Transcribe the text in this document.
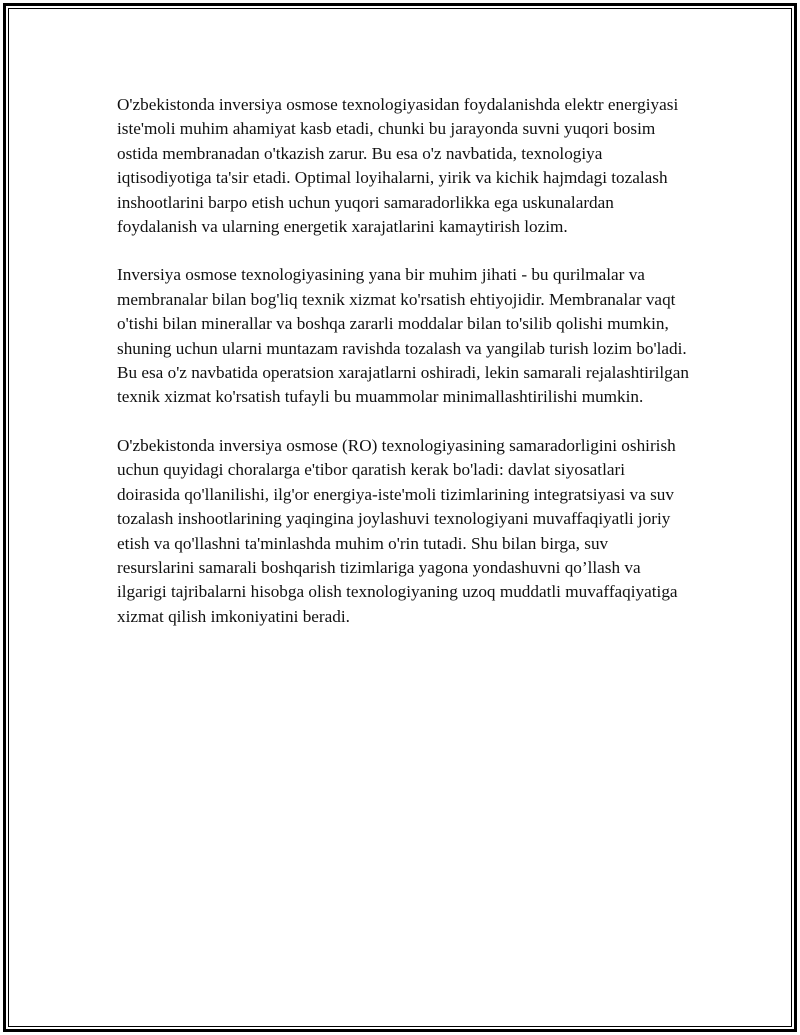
O'zbekistonda inversiya osmose texnologiyasidan foydalanishda elektr energiyasi iste'moli muhim ahamiyat kasb etadi, chunki bu jarayonda suvni yuqori bosim ostida membranadan o'tkazish zarur. Bu esa o'z navbatida, texnologiya iqtisodiyotiga ta'sir etadi. Optimal loyihalarni, yirik va kichik hajmdagi tozalash inshootlarini barpo etish uchun yuqori samaradorlikka ega uskunalardan foydalanish va ularning energetik xarajatlarini kamaytirish lozim.

Inversiya osmose texnologiyasining yana bir muhim jihati - bu qurilmalar va membranalar bilan bog'liq texnik xizmat ko'rsatish ehtiyojidir. Membranalar vaqt o'tishi bilan minerallar va boshqa zararli moddalar bilan to'silib qolishi mumkin, shuning uchun ularni muntazam ravishda tozalash va yangilab turish lozim bo'ladi. Bu esa o'z navbatida operatsion xarajatlarni oshiradi, lekin samarali rejalashtirilgan texnik xizmat ko'rsatish tufayli bu muammolar minimallashtirilishi mumkin.

O'zbekistonda inversiya osmose (RO) texnologiyasining samaradorligini oshirish uchun quyidagi choralarga e'tibor qaratish kerak bo'ladi: davlat siyosatlari doirasida qo'llanilishi, ilg'or energiya-iste'moli tizimlarining integratsiyasi va suv tozalash inshootlarining yaqingina joylashuvi texnologiyani muvaffaqiyatli joriy etish va qo'llashni ta'minlashda muhim o'rin tutadi. Shu bilan birga, suv resurslarini samarali boshqarish tizimlariga yagona yondashuvni qo’llash va ilgarigi tajribalarni hisobga olish texnologiyaning uzoq muddatli muvaffaqiyatiga xizmat qilish imkoniyatini beradi.
